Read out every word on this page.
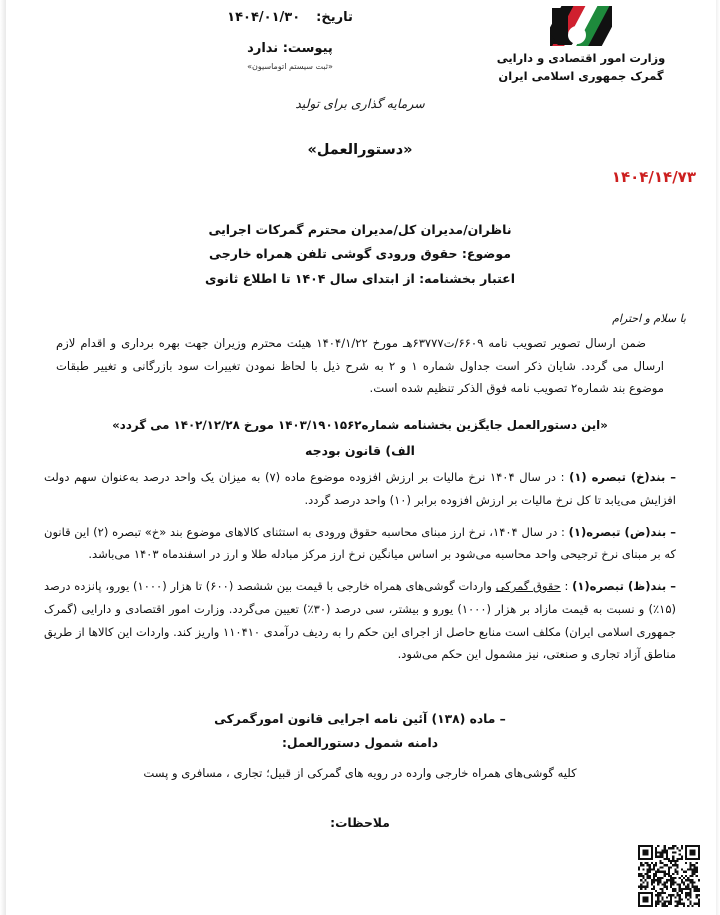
۷۸
وزارت امور اقتصادی و دارایی
گمرک جمهوری اسلامی ایران
تاریخ:۱۴۰۴/۰۱/۳۰
پیوست: ندارد
«ثبت سیستم اتوماسیون»
سرمایه گذاری برای تولید
«دستورالعمل»
۱۴۰۴/۱۴/۷۳
ناظران/مدیران کل/مدیران محترم گمرکات اجرایی
موضوع: حقوق ورودی گوشی تلفن همراه خارجی
اعتبار بخشنامه: از ابتدای سال ۱۴۰۴ تا اطلاع ثانوی
با سلام و احترام

ضمن ارسال تصویر تصویب نامه ۶۶۰۹/ت۶۳۷۷۷هـ مورخ ۱۴۰۴/۱/۲۲ هیئت محترم وزیران جهت بهره برداری و اقدام لازم ارسال می گردد. شایان ذکر است جداول شماره ۱ و ۲ به شرح ذیل با لحاظ نمودن تغییرات سود بازرگانی و تغییر طبقات موضوع بند شماره۲ تصویب نامه فوق الذکر تنظیم شده است.

«این دستورالعمل جایگزین بخشنامه شماره۱۴۰۳/۱۹۰۱۵۶۲ مورخ ۱۴۰۲/۱۲/۲۸ می گردد»
الف) قانون بودجه
– بند(خ) تبصره (۱) : در سال ۱۴۰۴ نرخ مالیات بر ارزش افزوده موضوع ماده (۷) به میزان یک واحد درصد به‌عنوان سهم دولت افزایش می‌یابد تا کل نرخ مالیات بر ارزش افزوده برابر (۱۰) واحد درصد گردد.
– بند(ض) تبصره(۱) : در سال ۱۴۰۴، نرخ ارز مبنای محاسبه حقوق ورودی به استثنای کالاهای موضوع بند «خ» تبصره (۲) این قانون که بر مبنای نرخ ترجیحی واحد محاسبه می‌شود بر اساس میانگین نرخ ارز مرکز مبادله طلا و ارز در اسفندماه ۱۴۰۳ می‌باشد.
– بند(ظ) تبصره(۱) : حقوق گمرکی واردات گوشی‌های همراه خارجی با قیمت بین ششصد (۶۰۰) تا هزار (۱۰۰۰) یورو، پانزده درصد (۱۵٪) و نسبت به قیمت مازاد بر هزار (۱۰۰۰) یورو و بیشتر، سی درصد (۳۰٪) تعیین می‌گردد. وزارت امور اقتصادی و دارایی (گمرک جمهوری اسلامی ایران) مکلف است منابع حاصل از اجرای این حکم را به ردیف درآمدی ۱۱۰۴۱۰ واریز کند. واردات این کالاها از طریق مناطق آزاد تجاری و صنعتی، نیز مشمول این حکم می‌شود.
– ماده (۱۳۸) آئین نامه اجرایی قانون امورگمرکی
دامنه شمول دستورالعمل:
کلیه گوشی‌های همراه خارجی وارده در رویه های گمرکی از قبیل؛ تجاری ، مسافری و پست
ملاحظات:
